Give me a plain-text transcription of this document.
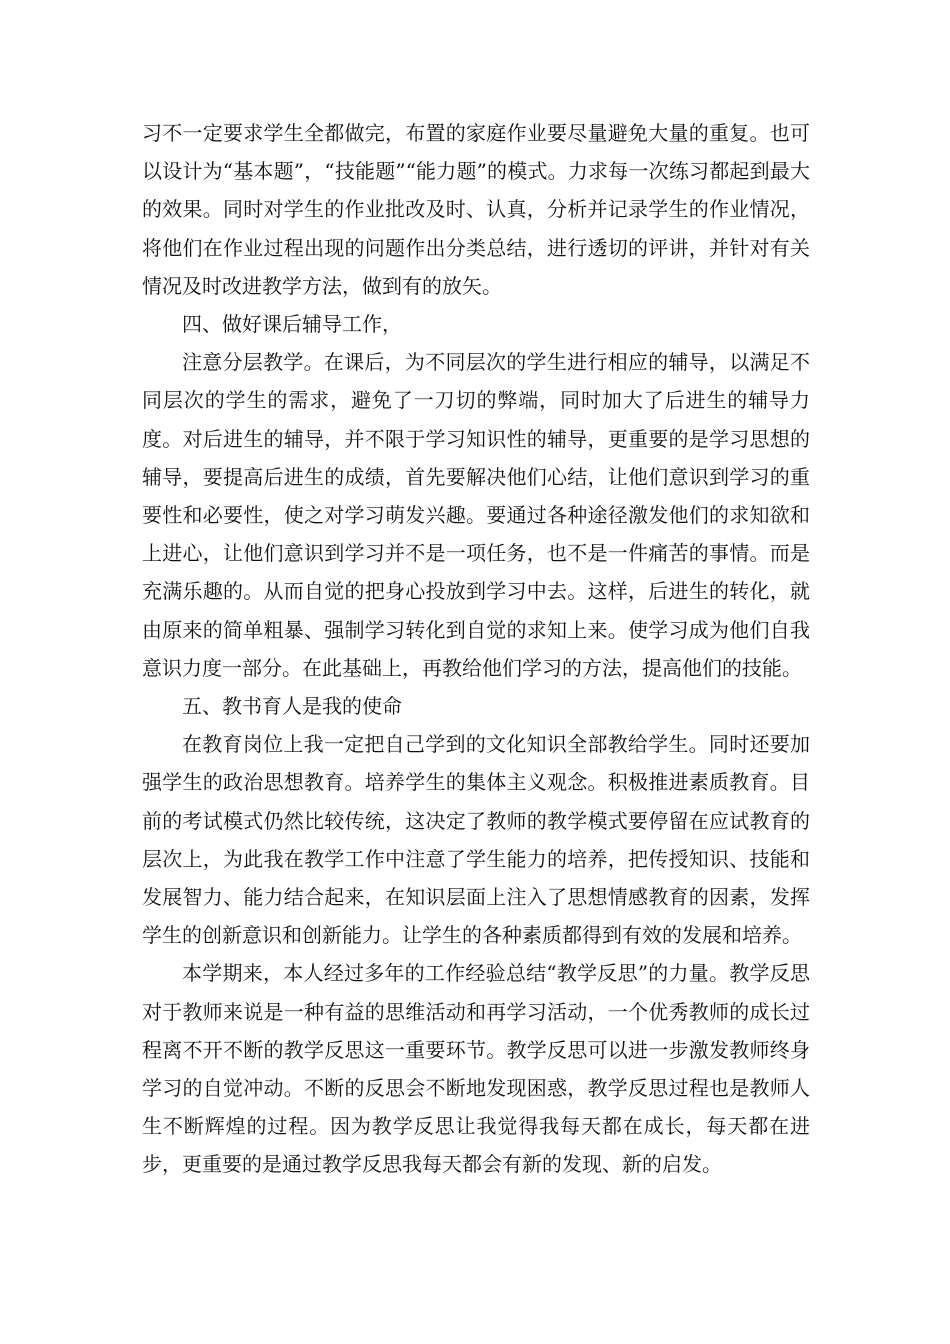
习不一定要求学生全都做完，布置的家庭作业要尽量避免大量的重复。也可以设计为“基本题”，“技能题”“能力题”的模式。力求每一次练习都起到最大的效果。同时对学生的作业批改及时、认真，分析并记录学生的作业情况，将他们在作业过程出现的问题作出分类总结，进行透切的评讲，并针对有关情况及时改进教学方法，做到有的放矢。

四、做好课后辅导工作，

注意分层教学。在课后，为不同层次的学生进行相应的辅导，以满足不同层次的学生的需求，避免了一刀切的弊端，同时加大了后进生的辅导力度。对后进生的辅导，并不限于学习知识性的辅导，更重要的是学习思想的辅导，要提高后进生的成绩，首先要解决他们心结，让他们意识到学习的重要性和必要性，使之对学习萌发兴趣。要通过各种途径激发他们的求知欲和上进心，让他们意识到学习并不是一项任务，也不是一件痛苦的事情。而是充满乐趣的。从而自觉的把身心投放到学习中去。这样，后进生的转化，就由原来的简单粗暴、强制学习转化到自觉的求知上来。使学习成为他们自我意识力度一部分。在此基础上，再教给他们学习的方法，提高他们的技能。

五、教书育人是我的使命

在教育岗位上我一定把自己学到的文化知识全部教给学生。同时还要加强学生的政治思想教育。培养学生的集体主义观念。积极推进素质教育。目前的考试模式仍然比较传统，这决定了教师的教学模式要停留在应试教育的层次上，为此我在教学工作中注意了学生能力的培养，把传授知识、技能和发展智力、能力结合起来，在知识层面上注入了思想情感教育的因素，发挥学生的创新意识和创新能力。让学生的各种素质都得到有效的发展和培养。

本学期来，本人经过多年的工作经验总结“教学反思”的力量。教学反思对于教师来说是一种有益的思维活动和再学习活动，一个优秀教师的成长过程离不开不断的教学反思这一重要环节。教学反思可以进一步激发教师终身学习的自觉冲动。不断的反思会不断地发现困惑，教学反思过程也是教师人生不断辉煌的过程。因为教学反思让我觉得我每天都在成长，每天都在进步，更重要的是通过教学反思我每天都会有新的发现、新的启发。
